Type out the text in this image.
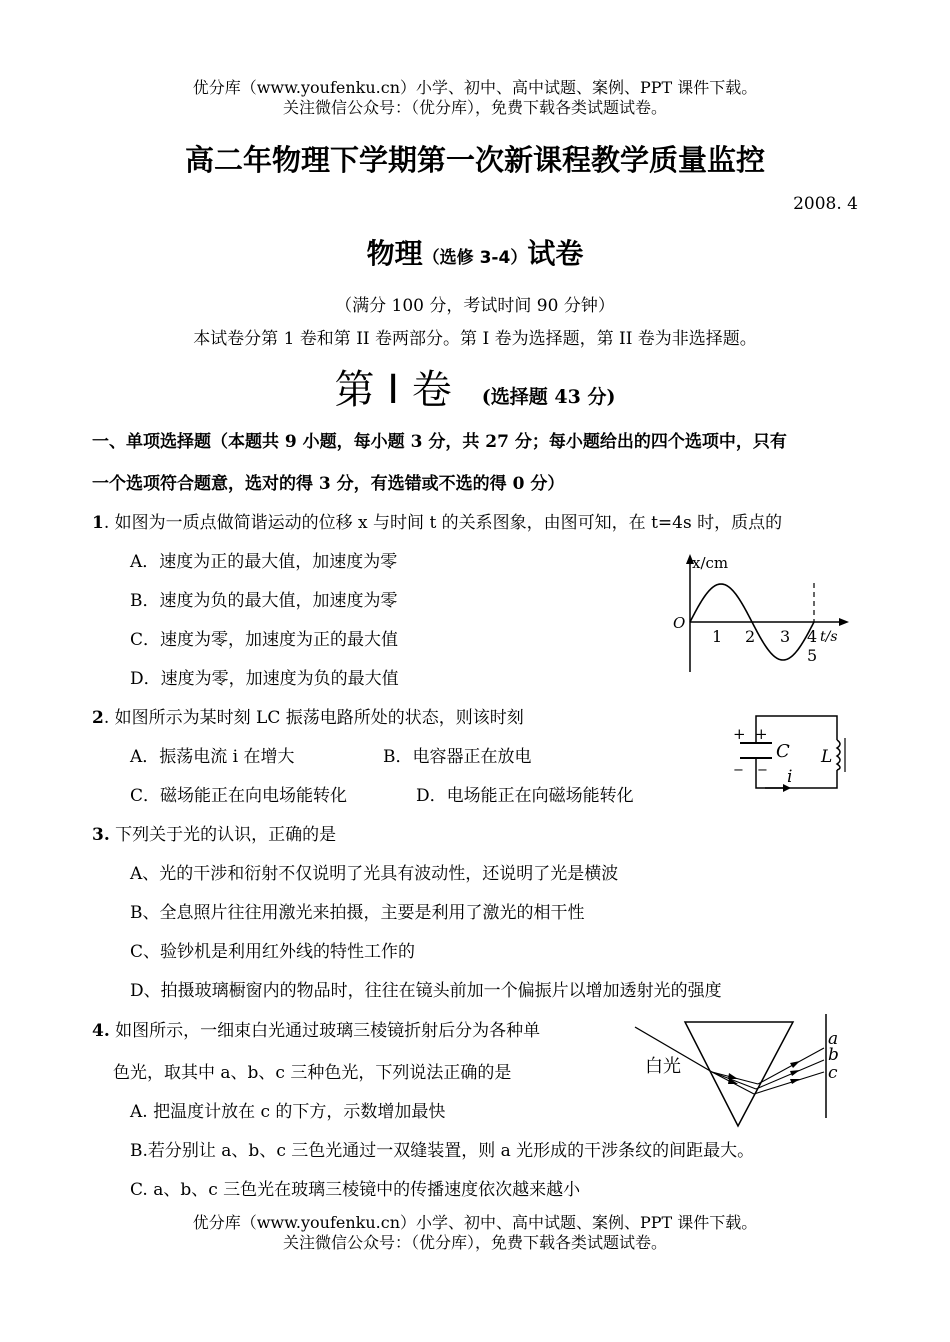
优分库（www.youfenku.cn）小学、初中、高中试题、案例、PPT 课件下载。
关注微信公众号：（优分库），免费下载各类试题试卷。
高二年物理下学期第一次新课程教学质量监控
2008. 4
物理（选修 3-4）试卷
（满分 100 分，考试时间 90 分钟）
本试卷分第 1 卷和第 II 卷两部分。第 I 卷为选择题，第 II 卷为非选择题。
第 I 卷 (选择题 43 分)
一、单项选择题（本题共 9 小题，每小题 3 分，共 27 分；每小题给出的四个选项中，只有
一个选项符合题意，选对的得 3 分，有选错或不选的得 0 分）
1. 如图为一质点做简谐运动的位移 x 与时间 t 的关系图象，由图可知，在 t=4s 时，质点的
A．速度为正的最大值，加速度为零
B．速度为负的最大值，加速度为零
C．速度为零，加速度为正的最大值
D．速度为零，加速度为负的最大值
x/cm
O
1 2 3 4
5
t/s
2. 如图所示为某时刻 LC 振荡电路所处的状态，则该时刻
A．振荡电流 i 在增大	B．电容器正在放电
C．磁场能正在向电场能转化	D．电场能正在向磁场能转化
+ +
− −
C L
i
3. 下列关于光的认识，正确的是
A、光的干涉和衍射不仅说明了光具有波动性，还说明了光是横波
B、全息照片往往用激光来拍摄，主要是利用了激光的相干性
C、验钞机是利用红外线的特性工作的
D、拍摄玻璃橱窗内的物品时，往往在镜头前加一个偏振片以增加透射光的强度
4. 如图所示，一细束白光通过玻璃三棱镜折射后分为各种单
色光，取其中 a、b、c 三种色光，下列说法正确的是
A. 把温度计放在 c 的下方，示数增加最快
B.若分别让 a、b、c 三色光通过一双缝装置，则 a 光形成的干涉条纹的间距最大。
C. a、b、c 三色光在玻璃三棱镜中的传播速度依次越来越小
白光
a
b
c
优分库（www.youfenku.cn）小学、初中、高中试题、案例、PPT 课件下载。
关注微信公众号：（优分库），免费下载各类试题试卷。
